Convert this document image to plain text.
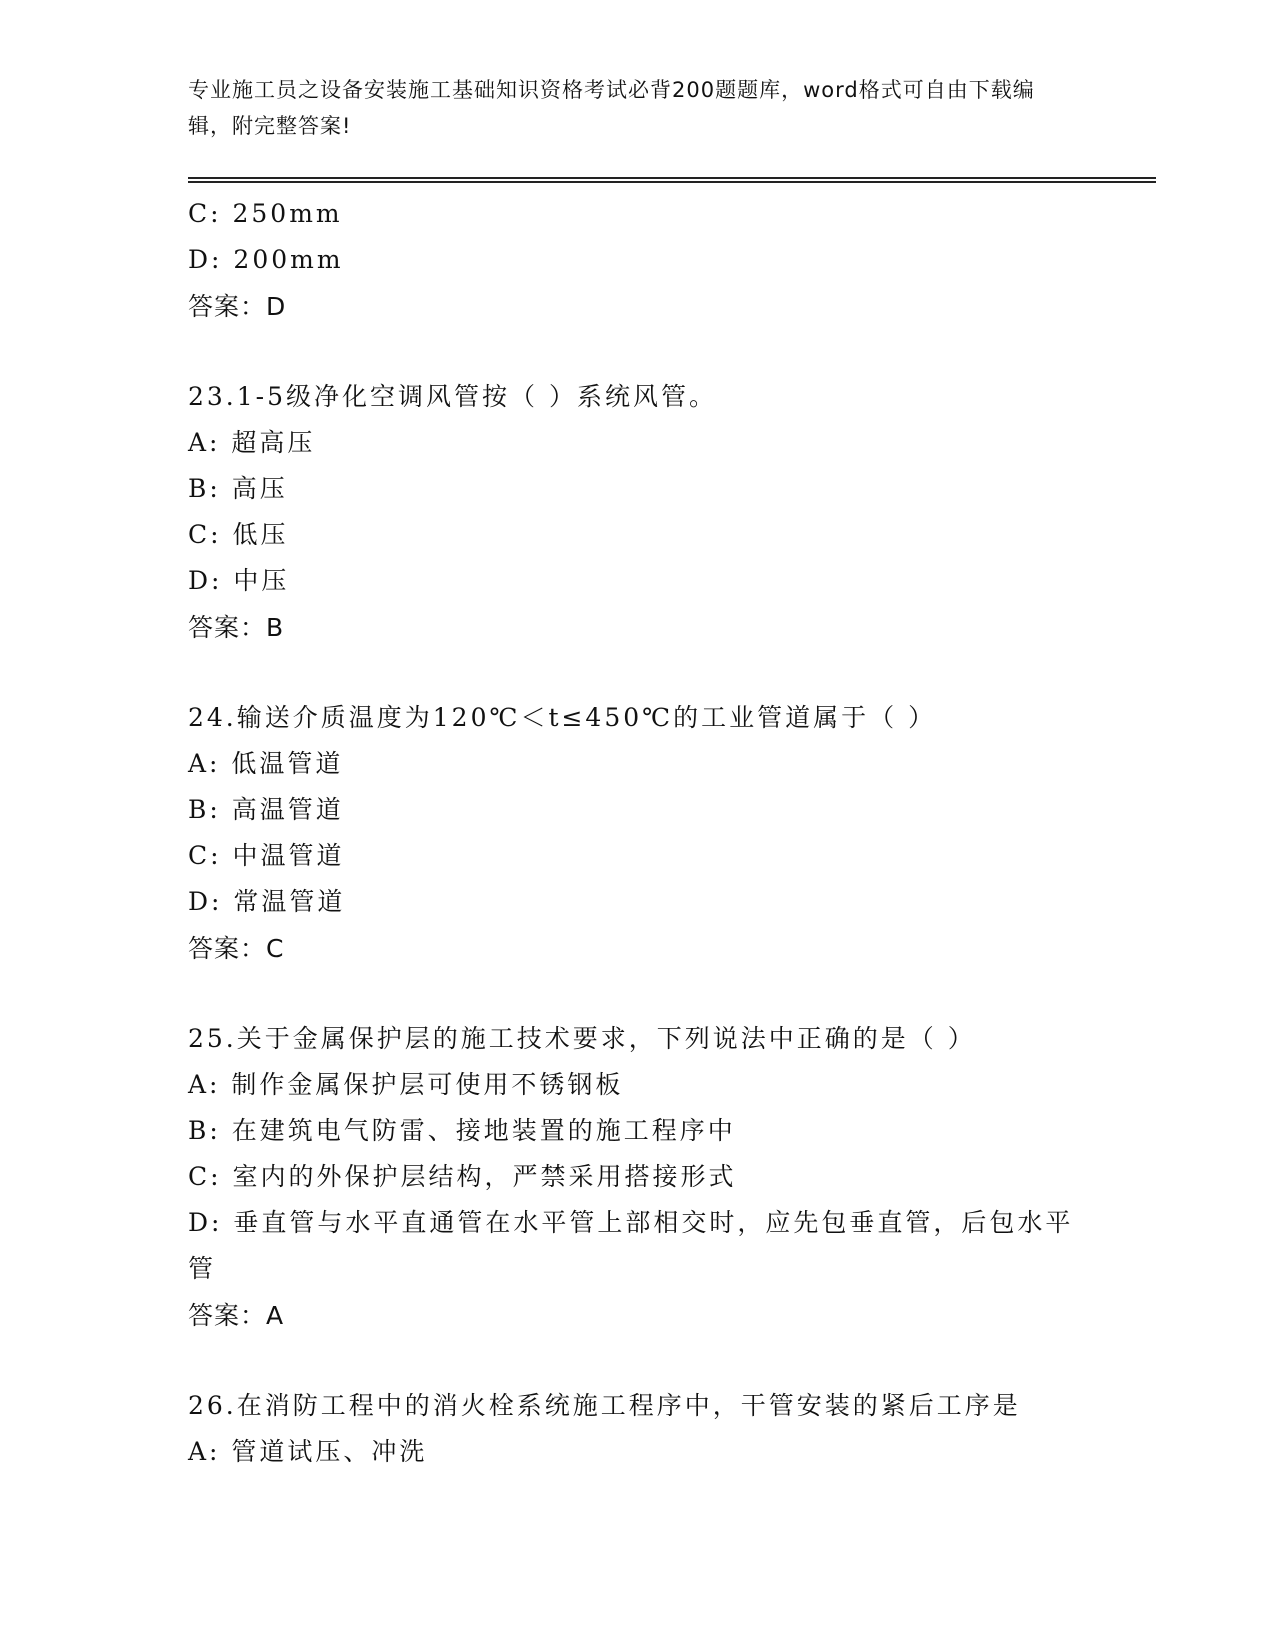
专业施工员之设备安装施工基础知识资格考试必背200题题库，word格式可自由下载编辑，附完整答案!
C: 250mm
D: 200mm
答案：D
23.1-5级净化空调风管按（ ）系统风管。
A: 超高压
B: 高压
C: 低压
D: 中压
答案：B
24.输送介质温度为120℃＜t≤450℃的工业管道属于（ ）
A: 低温管道
B: 高温管道
C: 中温管道
D: 常温管道
答案：C
25.关于金属保护层的施工技术要求，下列说法中正确的是（ ）
A: 制作金属保护层可使用不锈钢板
B: 在建筑电气防雷、接地装置的施工程序中
C: 室内的外保护层结构，严禁采用搭接形式
D: 垂直管与水平直通管在水平管上部相交时，应先包垂直管，后包水平管
答案：A
26.在消防工程中的消火栓系统施工程序中，干管安装的紧后工序是
A: 管道试压、冲洗
